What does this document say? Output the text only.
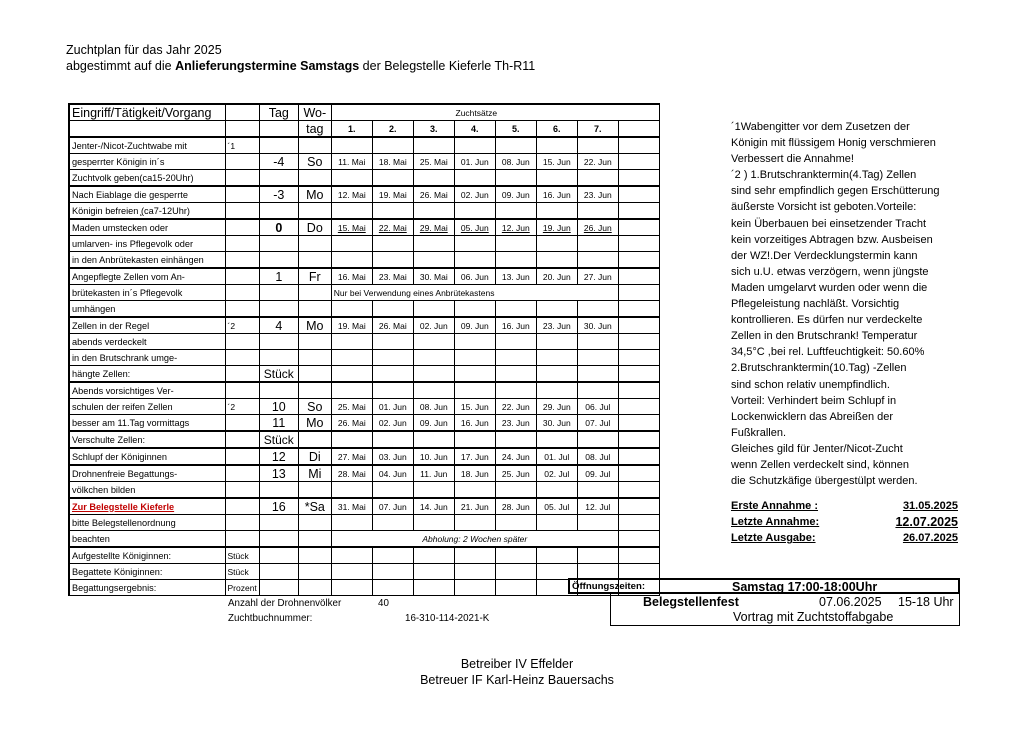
Zuchtplan für das Jahr 2025
abgestimmt auf die Anlieferungstermine Samstags der Belegstelle Kieferle Th-R11
Eingriff/Tätigkeit/Vorgang		Tag	Wo-	Zuchtsätze							
			tag	1.	2.	3.	4.	5.	6.	7.	
Jenter-/Nicot-Zuchtwabe mit	´1										
gesperrter Königin in´s		-4	So	11. Mai	18. Mai	25. Mai	01. Jun	08. Jun	15. Jun	22. Jun	
Zuchtvolk geben(ca15-20Uhr)											
Nach Eiablage die gesperrte		-3	Mo	12. Mai	19. Mai	26. Mai	02. Jun	09. Jun	16. Jun	23. Jun	
Königin befreien ̨(ca7-12Uhr)											
Maden umstecken oder		0	Do	15. Mai	22. Mai	29. Mai	05. Jun	12. Jun	19. Jun	26. Jun	
umlarven- ins Pflegevolk oder											
in den Anbrütekasten einhängen											
Angepflegte Zellen vom An-		1	Fr	16. Mai	23. Mai	30. Mai	06. Jun	13. Jun	20. Jun	27. Jun	
brütekasten in´s Pflegevolk				Nur bei Verwendung eines Anbrütekastens							
umhängen											
Zellen in der Regel	´2	4	Mo	19. Mai	26. Mai	02. Jun	09. Jun	16. Jun	23. Jun	30. Jun	
abends verdeckelt											
in den Brutschrank umge-											
hängte Zellen:		Stück									
Abends vorsichtiges Ver-											
schulen der reifen Zellen	´2	10	So	25. Mai	01. Jun	08. Jun	15. Jun	22. Jun	29. Jun	06. Jul	
besser am 11.Tag vormittags		11	Mo	26. Mai	02. Jun	09. Jun	16. Jun	23. Jun	30. Jun	07. Jul	
Verschulte Zellen:		Stück									
Schlupf der Königinnen		12	Di	27. Mai	03. Jun	10. Jun	17. Jun	24. Jun	01. Jul	08. Jul	
Drohnenfreie Begattungs-		13	Mi	28. Mai	04. Jun	11. Jun	18. Jun	25. Jun	02. Jul	09. Jul	
völkchen bilden											
Zur Belegstelle Kieferle		16	*Sa	31. Mai	07. Jun	14. Jun	21. Jun	28. Jun	05. Jul	12. Jul	
bitte Belegstellenordnung											
beachten				Abholung: 2 Wochen später							
Aufgestellte Königinnen:	Stück										
Begattete Königinnen:	Stück										
Begattungsergebnis:	Prozent										
´1Wabengitter vor dem Zusetzen der
Königin mit flüssigem Honig verschmieren
Verbessert die Annahme!
´2 ) 1.Brutschranktermin(4.Tag) Zellen
sind sehr empfindlich gegen Erschütterung
äußerste Vorsicht ist geboten.Vorteile:
kein Überbauen bei einsetzender Tracht
kein vorzeitiges Abtragen bzw. Ausbeisen
der WZ!.Der Verdecklungstermin kann
sich u.U. etwas verzögern, wenn jüngste
Maden umgelarvt wurden oder wenn die
Pflegeleistung nachläßt. Vorsichtig
kontrollieren. Es dürfen nur verdeckelte
Zellen in den Brutschrank! Temperatur
34,5°C ,bei rel. Luftfeuchtigkeit: 50.60%
2.Brutschranktermin(10.Tag) -Zellen
sind schon relativ unempfindlich.
Vorteil: Verhindert beim Schlupf in
Lockenwicklern das Abreißen der
Fußkrallen.
Gleiches gild für Jenter/Nicot-Zucht
wenn Zellen verdeckelt sind, können
die Schutzkäfige übergestülpt werden.
Erste Annahme :	31.05.2025
Letzte Annahme:	12.07.2025
Letzte Ausgabe:	26.07.2025
Öffnungszeiten:	Samstag 17:00-18:00Uhr
Belegstellenfest	07.06.2025 15-18 Uhr
Vortrag mit Zuchtstoffabgabe
Anzahl der Drohnenvölker	40
Zuchtbuchnummer:	16-310-114-2021-K
Betreiber IV Effelder
Betreuer IF Karl-Heinz Bauersachs
